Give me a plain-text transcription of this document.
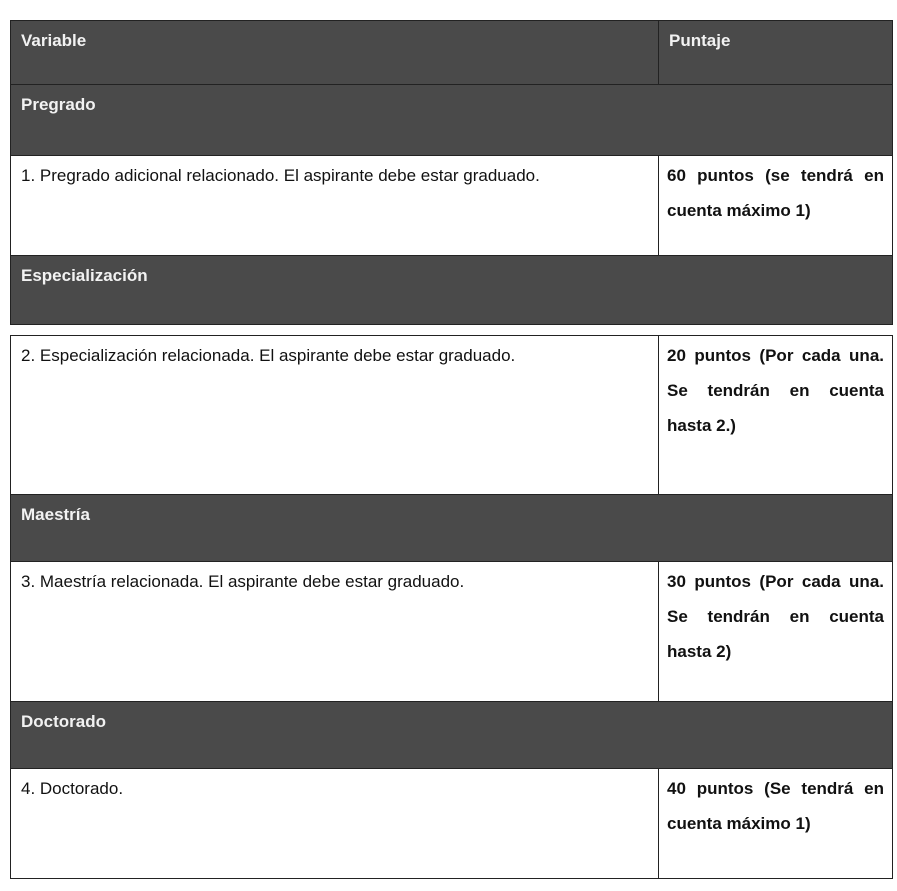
Variable	Puntaje
Pregrado	
1. Pregrado adicional relacionado. El aspirante debe estar graduado.	60 puntos (se tendrá en cuenta máximo 1)
Especialización	
2. Especialización relacionada. El aspirante debe estar graduado.	20 puntos (Por cada una. Se tendrán en cuenta hasta 2.)
Maestría	
3. Maestría relacionada. El aspirante debe estar graduado.	30 puntos (Por cada una. Se tendrán en cuenta hasta 2)
Doctorado	
4. Doctorado.	40 puntos (Se tendrá en cuenta máximo 1)
